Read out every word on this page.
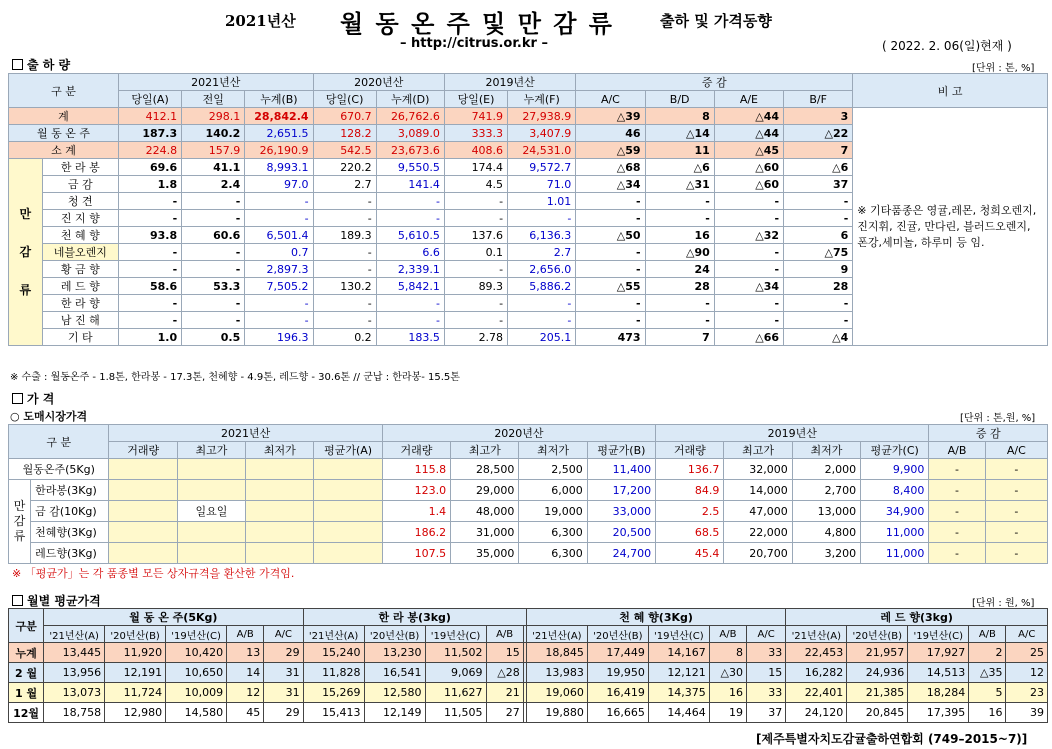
2021년산 월 동 온 주 및 만 감 류	출하 및 가격동향
– http://citrus.or.kr –	( 2022. 2. 06(일)현재 )
출 하 량	[단위 : 톤, %]
구 분		2021년산			2020년산		2019년산		증 감				비 고
		당일(A)	전일	누계(B)	당일(C)	누계(D)	당일(E)	누계(F)	A/C	B/D	A/E	B/F	
계		412.1	298.1	28,842.4	670.7	26,762.6	741.9	27,938.9	△39	8	△44	3	※ 기타품종은 영귤,레몬, 청희오렌지, 진지휘, 진귤, 만다린, 블러드오렌지, 폰강,세미놀, 하루미 등 임.
월 동 온 주		187.3	140.2	2,651.5	128.2	3,089.0	333.3	3,407.9	46	△14	△44	△22	
소 계		224.8	157.9	26,190.9	542.5	23,673.6	408.6	24,531.0	△59	11	△45	7	
만
감
류	한 라 봉	69.6	41.1	8,993.1	220.2	9,550.5	174.4	9,572.7	△68	△6	△60	△6	
	금 감	1.8	2.4	97.0	2.7	141.4	4.5	71.0	△34	△31	△60	37	
	청 견	-	-	-	-	-	-	1.01	-	-	-	-	
	진 지 향	-	-	-	-	-	-	-	-	-	-	-	
	천 혜 향	93.8	60.6	6,501.4	189.3	5,610.5	137.6	6,136.3	△50	16	△32	6	
	네블오렌지	-	-	0.7	-	6.6	0.1	2.7	-	△90	-	△75	
	황 금 향	-	-	2,897.3	-	2,339.1	-	2,656.0	-	24	-	9	
	레 드 향	58.6	53.3	7,505.2	130.2	5,842.1	89.3	5,886.2	△55	28	△34	28	
	한 라 향	-	-	-	-	-	-	-	-	-	-	-	
	남 진 해	-	-	-	-	-	-	-	-	-	-	-	
	기 타	1.0	0.5	196.3	0.2	183.5	2.78	205.1	473	7	△66	△4	
※ 수출 : 월동온주 - 1.8톤, 한라봉 - 17.3톤, 천혜향 - 4.9톤, 레드향 - 30.6톤 // 군납 : 한라봉- 15.5톤
가 격
○ 도매시장가격	[단위 : 톤,원, %]
구 분		2021년산				2020년산				2019년산				증 감	
		거래량	최고가	최저가	평균가(A)	거래량	최고가	최저가	평균가(B)	거래량	최고가	최저가	평균가(C)	A/B	A/C
월동온주(5Kg)						115.8	28,500	2,500	11,400	136.7	32,000	2,000	9,900	-	-
만
감
류	한라봉(3Kg)					123.0	29,000	6,000	17,200	84.9	14,000	2,700	8,400	-	-
	금 감(10Kg)		일요일			1.4	48,000	19,000	33,000	2.5	47,000	13,000	34,900	-	-
	천혜향(3Kg)					186.2	31,000	6,300	20,500	68.5	22,000	4,800	11,000	-	-
	레드향(3Kg)					107.5	35,000	6,300	24,700	45.4	20,700	3,200	11,000	-	-
※ 「평균가」는 각 품종별 모든 상자규격을 환산한 가격임.
월별 평균가격	[단위 : 원, %]
구분	월 동 온 주(5Kg)					한 라 봉(3kg)					천 혜 향(3Kg)					레 드 향(3kg)				
	'21년산(A)	'20년산(B)	'19년산(C)	A/B	A/C	'21년산(A)	'20년산(B)	'19년산(C)	A/B		'21년산(A)	'20년산(B)	'19년산(C)	A/B	A/C	'21년산(A)	'20년산(B)	'19년산(C)	A/B	A/C
누계	13,445	11,920	10,420	13	29	15,240	13,230	11,502	15		18,845	17,449	14,167	8	33	22,453	21,957	17,927	2	25
2 월	13,956	12,191	10,650	14	31	11,828	16,541	9,069	△28		13,983	19,950	12,121	△30	15	16,282	24,936	14,513	△35	12
1 월	13,073	11,724	10,009	12	31	15,269	12,580	11,627	21		19,060	16,419	14,375	16	33	22,401	21,385	18,284	5	23
12월	18,758	12,980	14,580	45	29	15,413	12,149	11,505	27		19,880	16,665	14,464	19	37	24,120	20,845	17,395	16	39
[제주특별자치도감귤출하연합회 (749–2015~7)]
